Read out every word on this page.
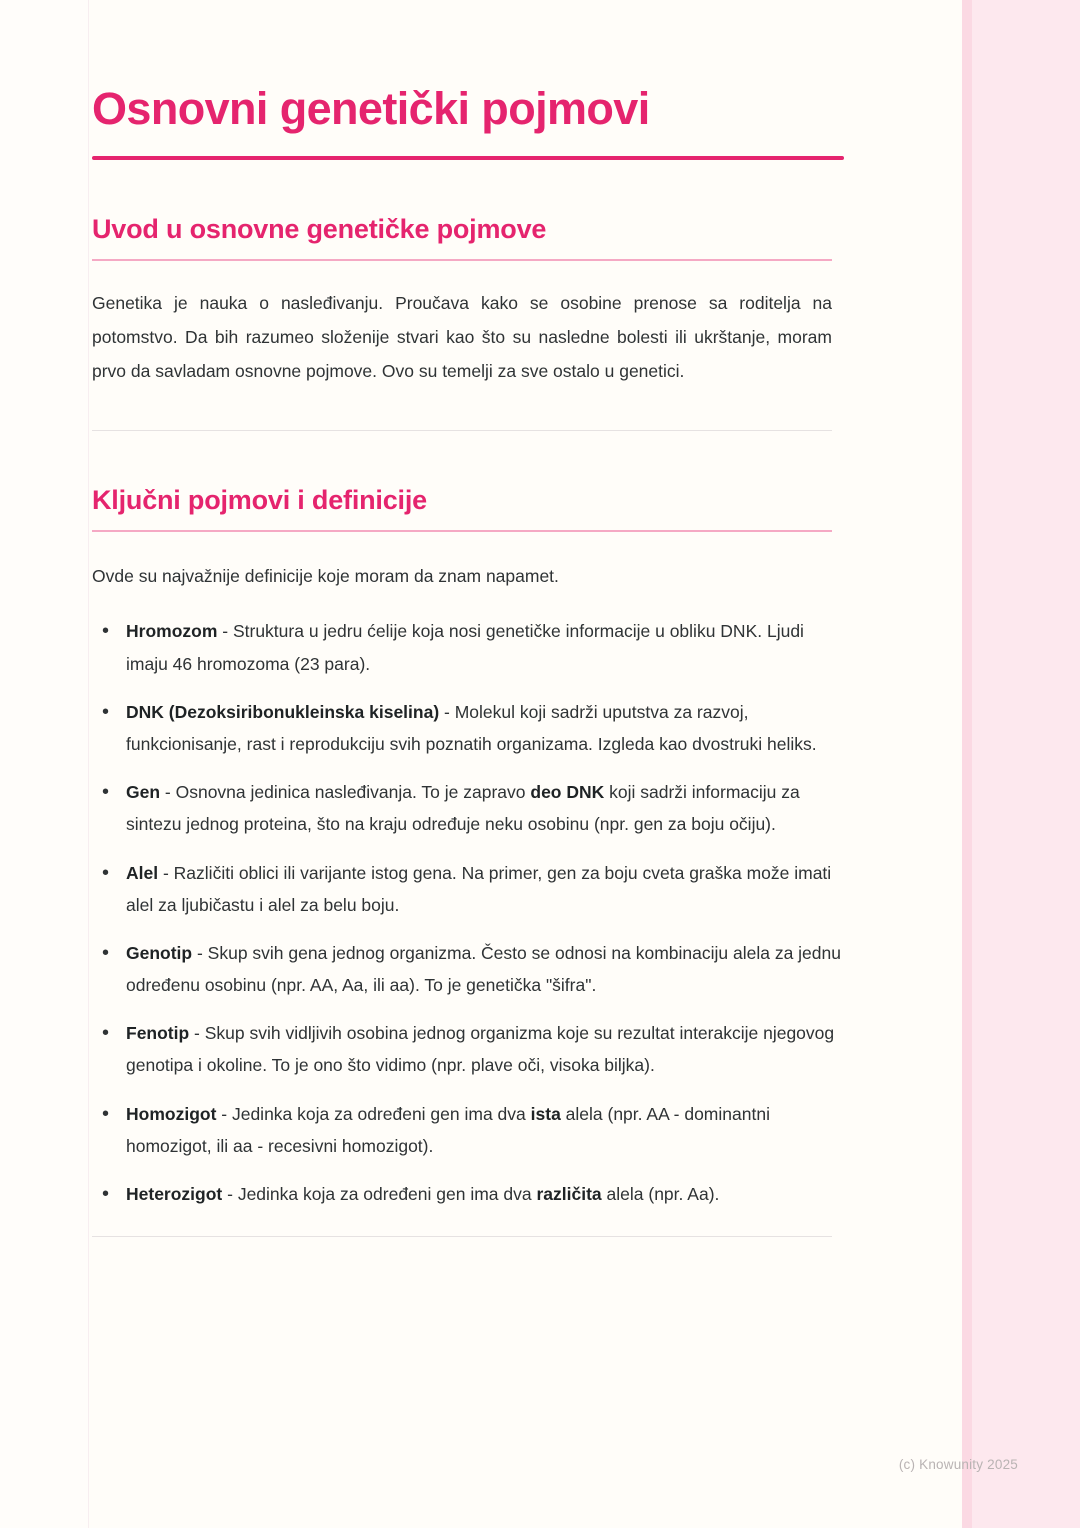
Osnovni genetički pojmovi
Uvod u osnovne genetičke pojmove

Genetika je nauka o nasleđivanju. Proučava kako se osobine prenose sa roditelja na potomstvo. Da bih razumeo složenije stvari kao što su nasledne bolesti ili ukrštanje, moram prvo da savladam osnovne pojmove. Ovo su temelji za sve ostalo u genetici.

Ključni pojmovi i definicije

Ovde su najvažnije definicije koje moram da znam napamet.

• Hromozom - Struktura u jedru ćelije koja nosi genetičke informacije u obliku DNK. Ljudi imaju 46 hromozoma (23 para).
• DNK (Dezoksiribonukleinska kiselina) - Molekul koji sadrži uputstva za razvoj, funkcionisanje, rast i reprodukciju svih poznatih organizama. Izgleda kao dvostruki heliks.
• Gen - Osnovna jedinica nasleđivanja. To je zapravo deo DNK koji sadrži informaciju za sintezu jednog proteina, što na kraju određuje neku osobinu (npr. gen za boju očiju).
• Alel - Različiti oblici ili varijante istog gena. Na primer, gen za boju cveta graška može imati alel za ljubičastu i alel za belu boju.
• Genotip - Skup svih gena jednog organizma. Često se odnosi na kombinaciju alela za jednu određenu osobinu (npr. AA, Aa, ili aa). To je genetička "šifra".
• Fenotip - Skup svih vidljivih osobina jednog organizma koje su rezultat interakcije njegovog genotipa i okoline. To je ono što vidimo (npr. plave oči, visoka biljka).
• Homozigot - Jedinka koja za određeni gen ima dva ista alela (npr. AA - dominantni homozigot, ili aa - recesivni homozigot).
• Heterozigot - Jedinka koja za određeni gen ima dva različita alela (npr. Aa).
(c) Knowunity 2025
